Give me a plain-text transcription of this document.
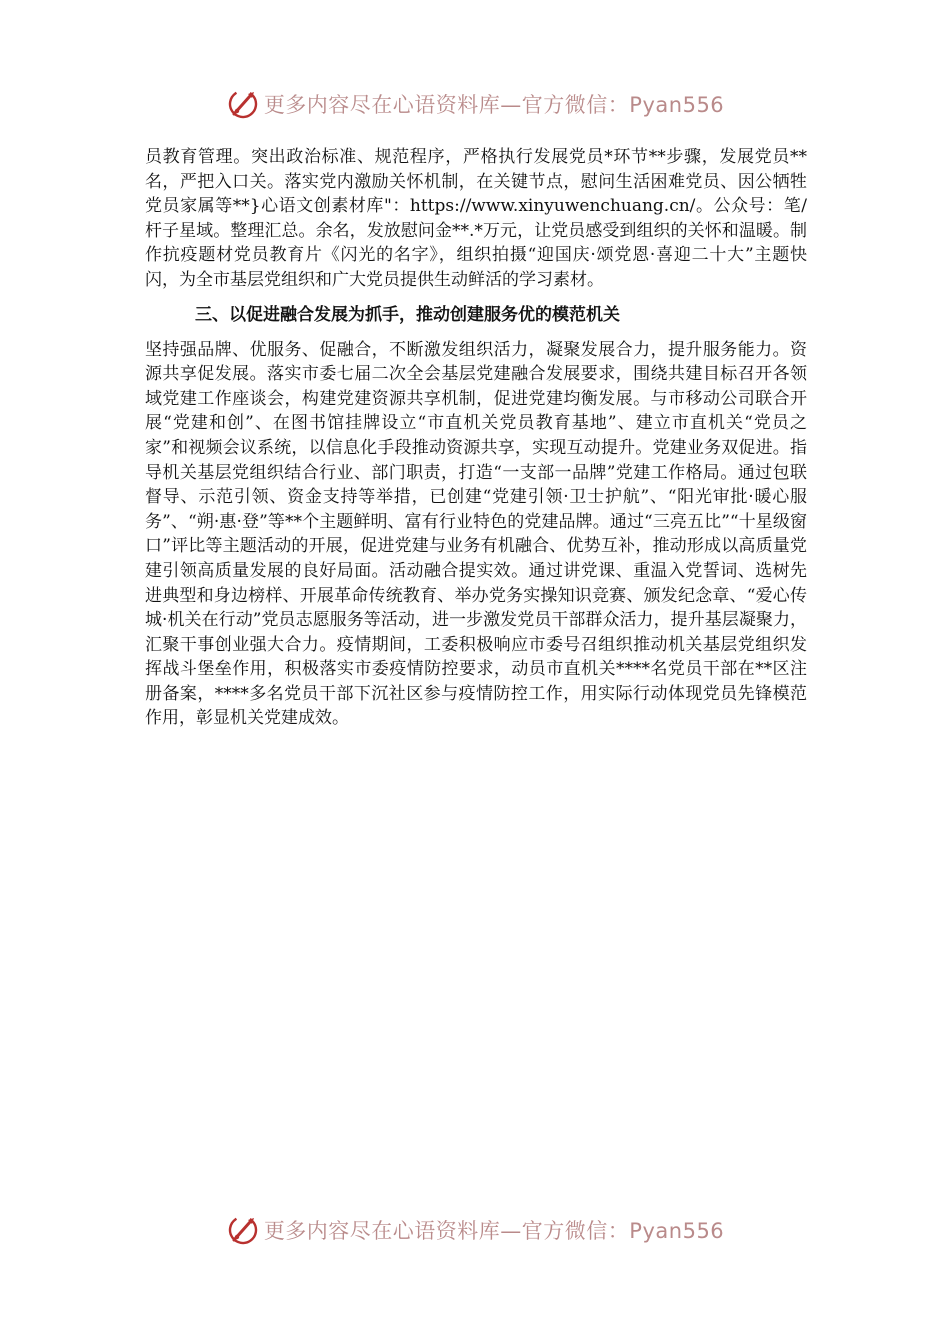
更多内容尽在心语资料库—官方微信：Pyan556

员教育管理。突出政治标准、规范程序，严格执行发展党员*环节**步骤，发展党员**名，严把入口关。落实党内激励关怀机制，在关键节点，慰问生活困难党员、因公牺牲党员家属等**}心语文创素材库"：https://www.xinyuwenchuang.cn/。公众号：笔/杆子星域。整理汇总。余名，发放慰问金**.*万元，让党员感受到组织的关怀和温暖。制作抗疫题材党员教育片《闪光的名字》，组织拍摄“迎国庆·颂党恩·喜迎二十大”主题快闪，为全市基层党组织和广大党员提供生动鲜活的学习素材。

三、以促进融合发展为抓手，推动创建服务优的模范机关

坚持强品牌、优服务、促融合，不断激发组织活力，凝聚发展合力，提升服务能力。资源共享促发展。落实市委七届二次全会基层党建融合发展要求，围绕共建目标召开各领域党建工作座谈会，构建党建资源共享机制，促进党建均衡发展。与市移动公司联合开展“党建和创”、在图书馆挂牌设立“市直机关党员教育基地”、建立市直机关“党员之家”和视频会议系统，以信息化手段推动资源共享，实现互动提升。党建业务双促进。指导机关基层党组织结合行业、部门职责，打造“一支部一品牌”党建工作格局。通过包联督导、示范引领、资金支持等举措，已创建“党建引领·卫士护航”、“阳光审批·暖心服务”、“朔·惠·登”等**个主题鲜明、富有行业特色的党建品牌。通过“三亮五比”“十星级窗口”评比等主题活动的开展，促进党建与业务有机融合、优势互补，推动形成以高质量党建引领高质量发展的良好局面。活动融合提实效。通过讲党课、重温入党誓词、选树先进典型和身边榜样、开展革命传统教育、举办党务实操知识竞赛、颁发纪念章、“爱心传城·机关在行动”党员志愿服务等活动，进一步激发党员干部群众活力，提升基层凝聚力，汇聚干事创业强大合力。疫情期间，工委积极响应市委号召组织推动机关基层党组织发挥战斗堡垒作用，积极落实市委疫情防控要求，动员市直机关****名党员干部在**区注册备案，****多名党员干部下沉社区参与疫情防控工作，用实际行动体现党员先锋模范作用，彰显机关党建成效。

更多内容尽在心语资料库—官方微信：Pyan556
